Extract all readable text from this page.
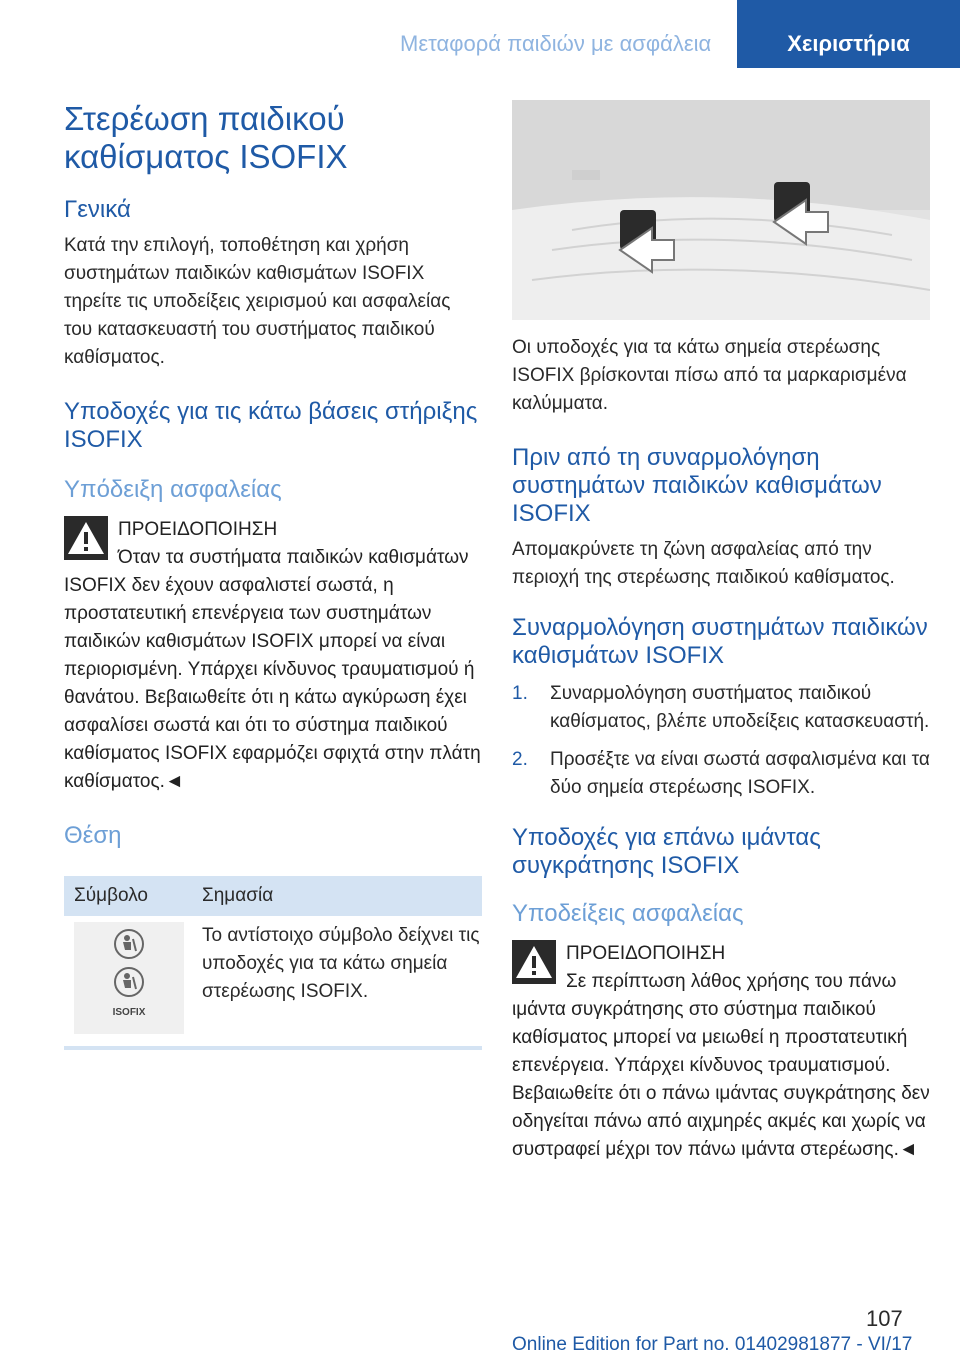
Μεταφορά παιδιών με ασφάλεια	Χειριστήρια
Στερέωση παιδικού καθίσματος ISOFIX
Γενικά

Κατά την επιλογή, τοποθέτηση και χρήση συστημάτων παιδικών καθισμάτων ISOFIX τηρείτε τις υποδείξεις χειρισμού και ασφαλείας του κατασκευαστή του συστήματος παιδικού καθίσματος.

Υποδοχές για τις κάτω βάσεις στήριξης ISOFIX
Υπόδειξη ασφαλείας
ΠΡΟΕΙΔΟΠΟΙΗΣΗ
Όταν τα συστήματα παιδικών καθισμάτων ISOFIX δεν έχουν ασφαλιστεί σωστά, η προστατευτική επενέργεια των συστημάτων παιδικών καθισμάτων ISOFIX μπορεί να είναι περιορισμένη. Υπάρχει κίνδυνος τραυματισμού ή θανάτου. Βεβαιωθείτε ότι η κάτω αγκύρωση έχει ασφαλίσει σωστά και ότι το σύστημα παιδικού καθίσματος ISOFIX εφαρμόζει σφιχτά στην πλάτη καθίσματος.◄
Θέση
Σύμβολο	Σημασία

ISOFIX	Το αντίστοιχο σύμβολο δείχνει τις υποδοχές για τα κάτω σημεία στερέωσης ISOFIX.

Οι υποδοχές για τα κάτω σημεία στερέωσης ISOFIX βρίσκονται πίσω από τα μαρκαρισμένα καλύμματα.

Πριν από τη συναρμολόγηση συστημάτων παιδικών καθισμάτων ISOFIX

Απομακρύνετε τη ζώνη ασφαλείας από την περιοχή της στερέωσης παιδικού καθίσματος.

Συναρμολόγηση συστημάτων παιδικών καθισμάτων ISOFIX
1. Συναρμολόγηση συστήματος παιδικού καθίσματος, βλέπε υποδείξεις κατασκευαστή.
2. Προσέξτε να είναι σωστά ασφαλισμένα και τα δύο σημεία στερέωσης ISOFIX.
Υποδοχές για επάνω ιμάντας συγκράτησης ISOFIX
Υποδείξεις ασφαλείας
ΠΡΟΕΙΔΟΠΟΙΗΣΗ
Σε περίπτωση λάθος χρήσης του πάνω ιμάντα συγκράτησης στο σύστημα παιδικού καθίσματος μπορεί να μειωθεί η προστατευτική επενέργεια. Υπάρχει κίνδυνος τραυματισμού. Βεβαιωθείτε ότι ο πάνω ιμάντας συγκράτησης δεν οδηγείται πάνω από αιχμηρές ακμές και χωρίς να συστραφεί μέχρι τον πάνω ιμάντα στερέωσης.◄
107
Online Edition for Part no. 01402981877 - VI/17
